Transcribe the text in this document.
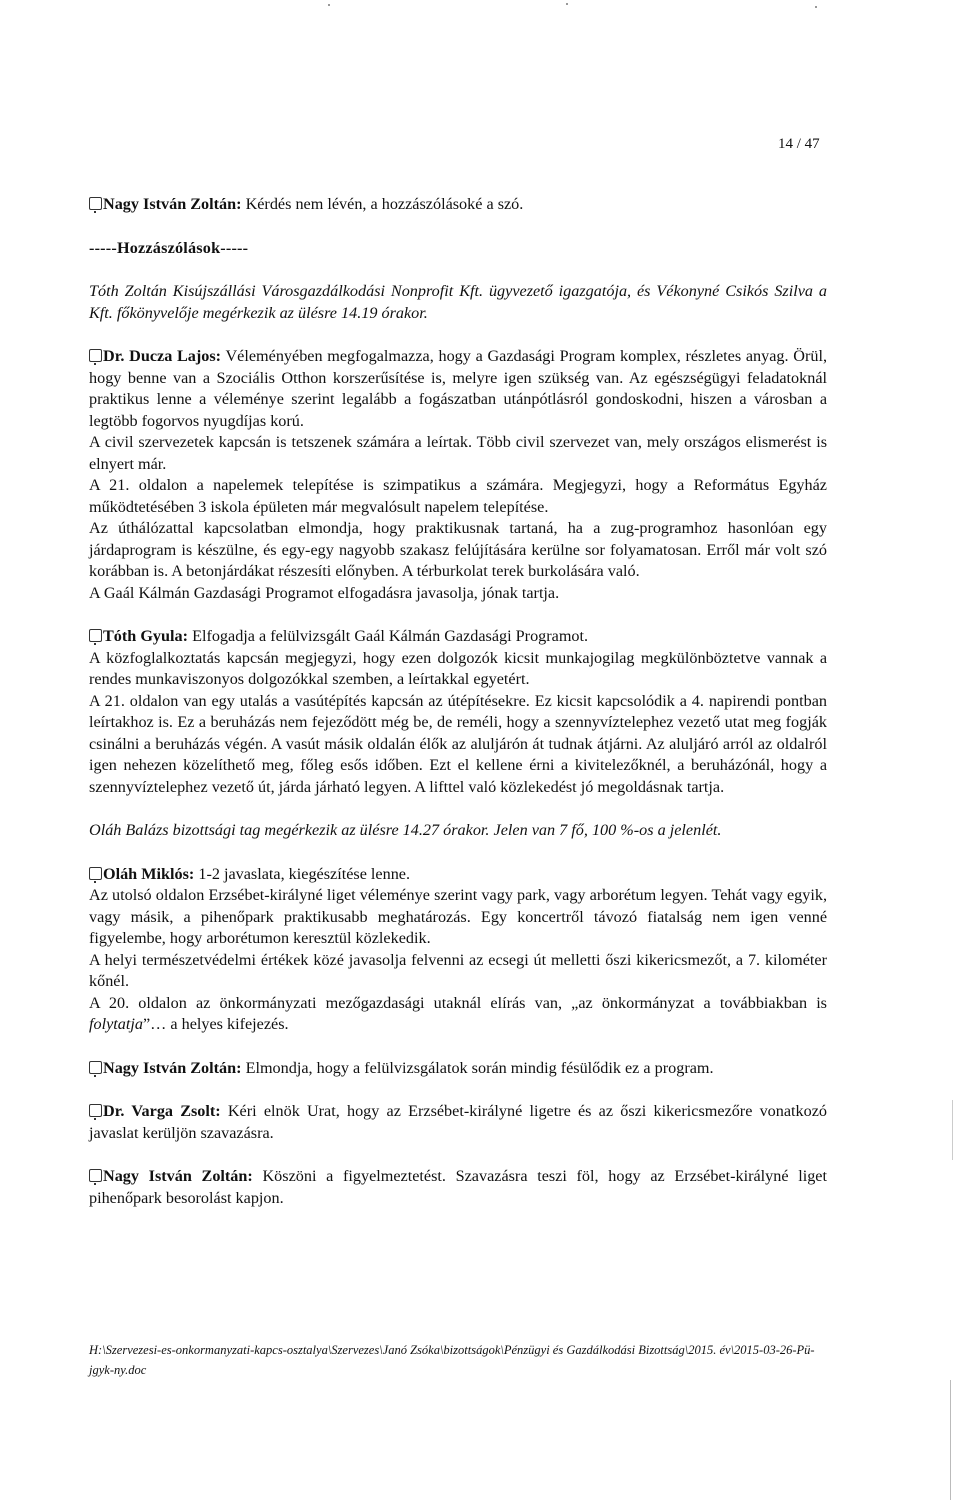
14 / 47

Nagy István Zoltán: Kérdés nem lévén, a hozzászólásoké a szó.

-----Hozzászólások-----

Tóth Zoltán Kisújszállási Városgazdálkodási Nonprofit Kft. ügyvezető igazgatója, és Vékonyné Csikós Szilva a Kft. főkönyvelője megérkezik az ülésre 14.19 órakor.

Dr. Ducza Lajos: Véleményében megfogalmazza, hogy a Gazdasági Program komplex, részletes anyag. Örül, hogy benne van a Szociális Otthon korszerűsítése is, melyre igen szükség van. Az egészségügyi feladatoknál praktikus lenne a véleménye szerint legalább a fogászatban utánpótlásról gondoskodni, hiszen a városban a legtöbb fogorvos nyugdíjas korú.

A civil szervezetek kapcsán is tetszenek számára a leírtak. Több civil szervezet van, mely országos elismerést is elnyert már.

A 21. oldalon a napelemek telepítése is szimpatikus a számára. Megjegyzi, hogy a Református Egyház működtetésében 3 iskola épületen már megvalósult napelem telepítése.

Az úthálózattal kapcsolatban elmondja, hogy praktikusnak tartaná, ha a zug-programhoz hasonlóan egy járdaprogram is készülne, és egy-egy nagyobb szakasz felújítására kerülne sor folyamatosan. Erről már volt szó korábban is. A betonjárdákat részesíti előnyben. A térburkolat terek burkolására való.

A Gaál Kálmán Gazdasági Programot elfogadásra javasolja, jónak tartja.

Tóth Gyula: Elfogadja a felülvizsgált Gaál Kálmán Gazdasági Programot.

A közfoglalkoztatás kapcsán megjegyzi, hogy ezen dolgozók kicsit munkajogilag megkülönböztetve vannak a rendes munkaviszonyos dolgozókkal szemben, a leírtakkal egyetért.

A 21. oldalon van egy utalás a vasútépítés kapcsán az útépítésekre. Ez kicsit kapcsolódik a 4. napirendi pontban leírtakhoz is. Ez a beruházás nem fejeződött még be, de reméli, hogy a szennyvíztelephez vezető utat meg fogják csinálni a beruházás végén. A vasút másik oldalán élők az aluljárón át tudnak átjárni. Az aluljáró arról az oldalról igen nehezen közelíthető meg, főleg esős időben. Ezt el kellene érni a kivitelezőknél, a beruházónál, hogy a szennyvíztelephez vezető út, járda járható legyen. A lifttel való közlekedést jó megoldásnak tartja.

Oláh Balázs bizottsági tag megérkezik az ülésre 14.27 órakor. Jelen van 7 fő, 100 %-os a jelenlét.

Oláh Miklós: 1-2 javaslata, kiegészítése lenne.

Az utolsó oldalon Erzsébet-királyné liget véleménye szerint vagy park, vagy arborétum legyen. Tehát vagy egyik, vagy másik, a pihenőpark praktikusabb meghatározás. Egy koncertről távozó fiatalság nem igen venné figyelembe, hogy arborétumon keresztül közlekedik.

A helyi természetvédelmi értékek közé javasolja felvenni az ecsegi út melletti őszi kikericsmezőt, a 7. kilométer kőnél.

A 20. oldalon az önkormányzati mezőgazdasági utaknál elírás van, „az önkormányzat a továbbiakban is folytatja”… a helyes kifejezés.

Nagy István Zoltán: Elmondja, hogy a felülvizsgálatok során mindig fésülődik ez a program.

Dr. Varga Zsolt: Kéri elnök Urat, hogy az Erzsébet-királyné ligetre és az őszi kikericsmezőre vonatkozó javaslat kerüljön szavazásra.

Nagy István Zoltán: Köszöni a figyelmeztetést. Szavazásra teszi föl, hogy az Erzsébet-királyné liget pihenőpark besorolást kapjon.

H:\Szervezesi-es-onkormanyzati-kapcs-osztalya\Szervezes\Janó Zsóka\bizottságok\Pénzügyi és Gazdálkodási Bizottság\2015. év\2015-03-26-Pü-jgyk-ny.doc
